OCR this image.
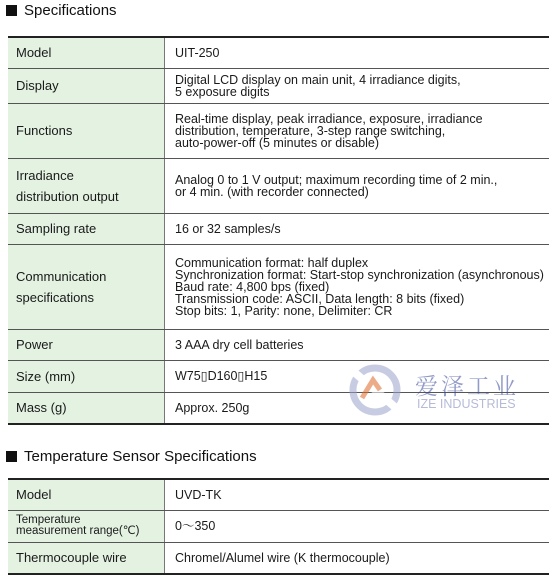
Specifications
Model	UIT-250

Display	Digital LCD display on main unit, 4 irradiance digits,
5 exposure digits

Functions	Real-time display, peak irradiance, exposure, irradiance
distribution, temperature, 3-step range switching,
auto-power-off (5 minutes or disable)

Irradiance
distribution output	Analog 0 to 1 V output; maximum recording time of 2 min.,
or 4 min. (with recorder connected)

Sampling rate	16 or 32 samples/s

Communication
specifications	Communication format: half duplex
Synchronization format: Start-stop synchronization (asynchronous)
Baud rate: 4,800 bps (fixed)
Transmission code: ASCII, Data length: 8 bits (fixed)
Stop bits: 1, Parity: none, Delimiter: CR

Power	3 AAA dry cell batteries

Size (mm)	W75▯D160▯H15

Mass (g)	Approx. 250g
爱泽工业
IZE INDUSTRIES
Temperature Sensor Specifications
Model	UVD-TK

Temperature
measurement range(℃)	0～350

Thermocouple wire	Chromel/Alumel wire (K thermocouple)
